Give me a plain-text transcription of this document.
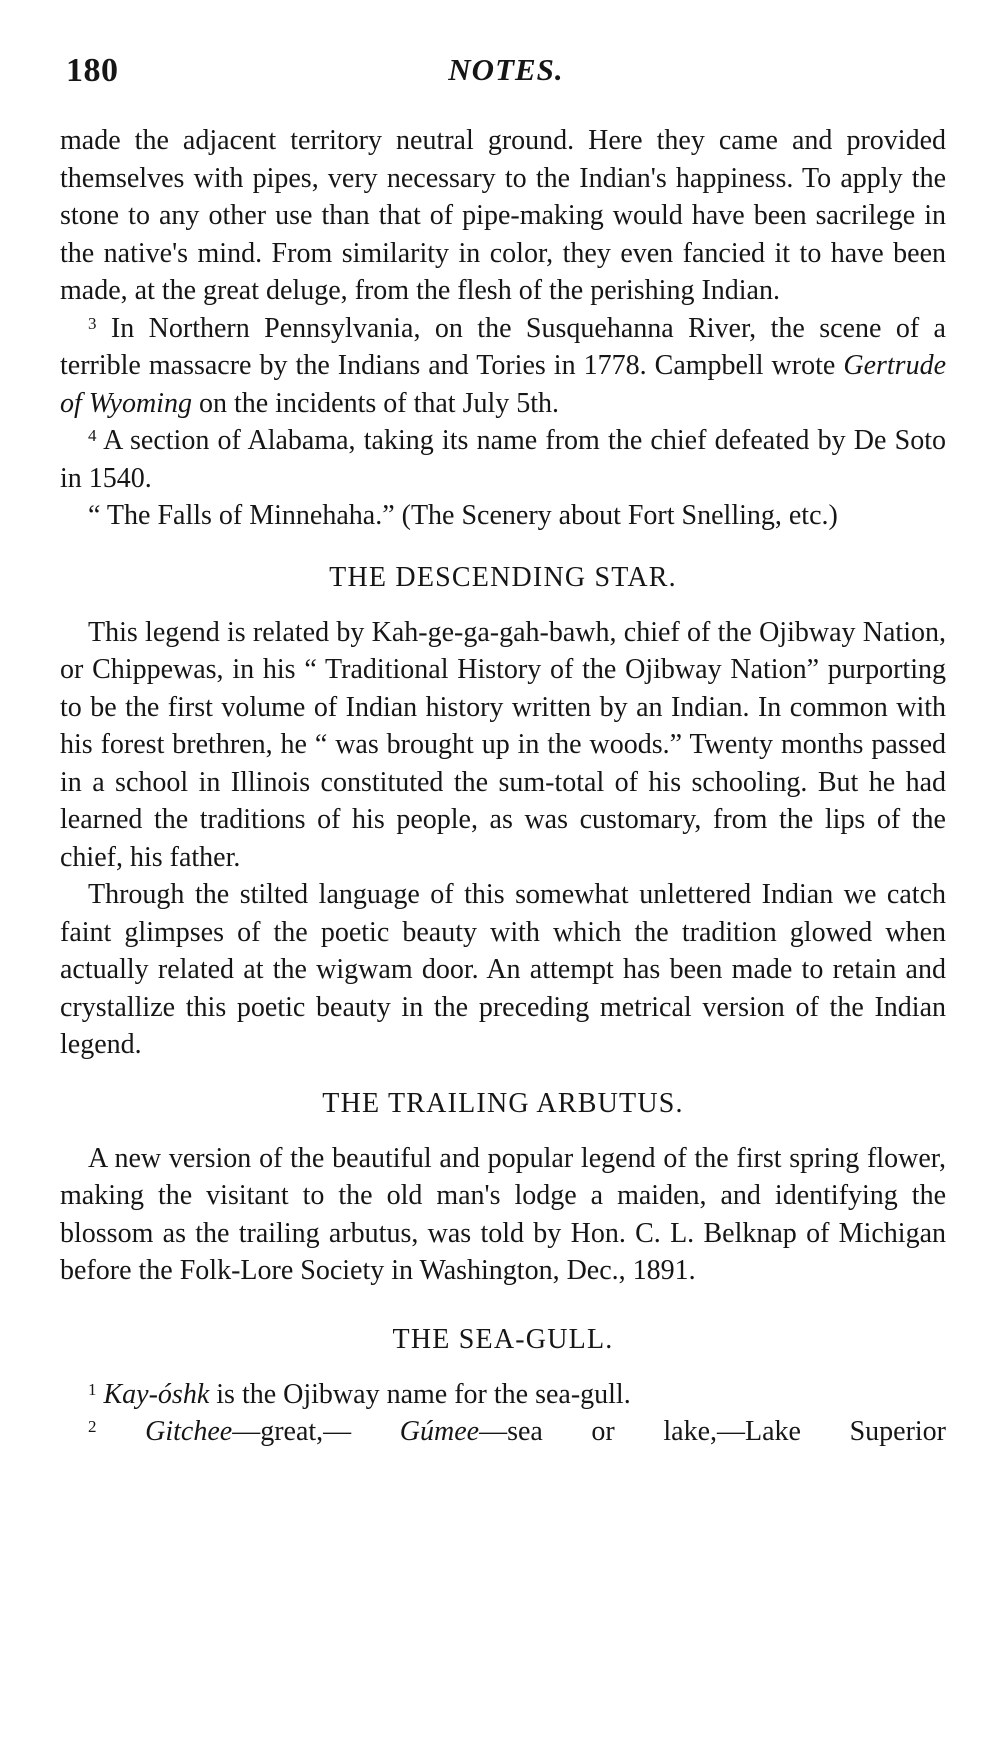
180	NOTES.

made the adjacent territory neutral ground. Here they came and provided themselves with pipes, very necessary to the Indian's happiness. To apply the stone to any other use than that of pipe-making would have been sacrilege in the native's mind. From similarity in color, they even fancied it to have been made, at the great deluge, from the flesh of the perishing Indian.

$^3$ In Northern Pennsylvania, on the Susquehanna River, the scene of a terrible massacre by the Indians and Tories in 1778. Campbell wrote Gertrude of Wyoming on the incidents of that July 5th.

$^4$ A section of Alabama, taking its name from the chief defeated by De Soto in 1540.

“ The Falls of Minnehaha.” (The Scenery about Fort Snelling, etc.)

THE DESCENDING STAR.

This legend is related by Kah-ge-ga-gah-bawh, chief of the Ojibway Nation, or Chippewas, in his “ Traditional History of the Ojibway Nation” purporting to be the first volume of Indian history written by an Indian. In common with his forest brethren, he “ was brought up in the woods.” Twenty months passed in a school in Illinois constituted the sum-total of his schooling. But he had learned the traditions of his people, as was customary, from the lips of the chief, his father.

Through the stilted language of this somewhat unlettered Indian we catch faint glimpses of the poetic beauty with which the tradition glowed when actually related at the wigwam door. An attempt has been made to retain and crystallize this poetic beauty in the preceding metrical version of the Indian legend.

THE TRAILING ARBUTUS.

A new version of the beautiful and popular legend of the first spring flower, making the visitant to the old man's lodge a maiden, and identifying the blossom as the trailing arbutus, was told by Hon. C. L. Belknap of Michigan before the Folk-Lore Society in Washington, Dec., 1891.

THE SEA-GULL.

$^1$ Kay-óshk is the Ojibway name for the sea-gull.

$^2$ Gitchee—great,— Gúmee—sea or lake,—Lake Superior
